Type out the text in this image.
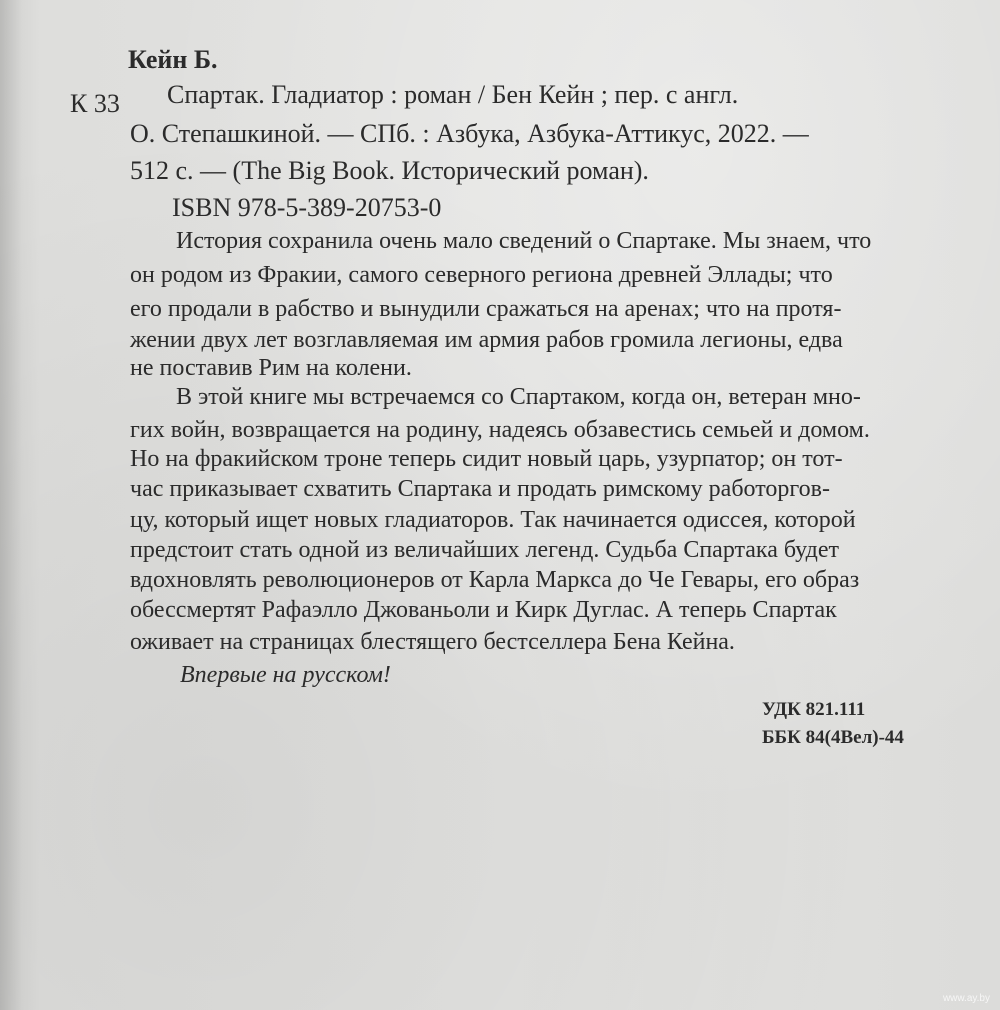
Кейн Б.
К 33 Спартак. Гладиатор : роман / Бен Кейн ; пер. с англ.
О. Степашкиной. — СПб. : Азбука, Азбука-Аттикус, 2022. —
512 с. — (The Big Book. Исторический роман).
ISBN 978-5-389-20753-0
История сохранила очень мало сведений о Спартаке. Мы знаем, что
он родом из Фракии, самого северного региона древней Эллады; что
его продали в рабство и вынудили сражаться на аренах; что на протя-
жении двух лет возглавляемая им армия рабов громила легионы, едва
не поставив Рим на колени.
В этой книге мы встречаемся со Спартаком, когда он, ветеран мно-
гих войн, возвращается на родину, надеясь обзавестись семьей и домом.
Но на фракийском троне теперь сидит новый царь, узурпатор; он тот-
час приказывает схватить Спартака и продать римскому работоргов-
цу, который ищет новых гладиаторов. Так начинается одиссея, которой
предстоит стать одной из величайших легенд. Судьба Спартака будет
вдохновлять революционеров от Карла Маркса до Че Гевары, его образ
обессмертят Рафаэлло Джованьоли и Кирк Дуглас. А теперь Спартак
оживает на страницах блестящего бестселлера Бена Кейна.
Впервые на русском!
УДК 821.111
ББК 84(4Вел)-44
www.ay.by
